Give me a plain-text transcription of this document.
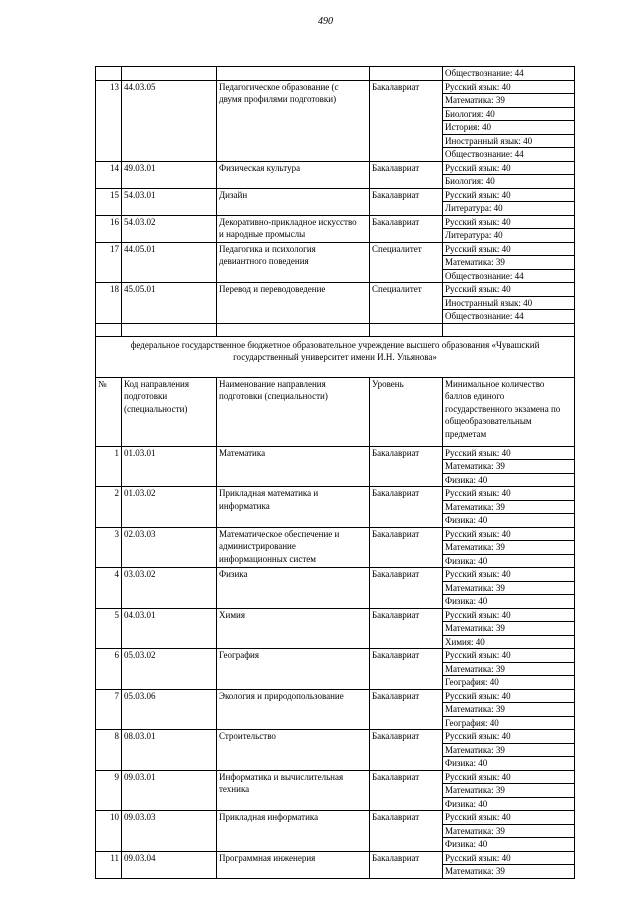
490
				Обществознание: 44
13	44.03.05	Педагогическое образование (с
двумя профилями подготовки)	Бакалавриат	Русский язык: 40
				Математика: 39
				Биология: 40
				История: 40
				Иностранный язык: 40
				Обществознание: 44
14	49.03.01	Физическая культура	Бакалавриат	Русский язык: 40
				Биология: 40
15	54.03.01	Дизайн	Бакалавриат	Русский язык: 40
				Литература: 40
16	54.03.02	Декоративно-прикладное искусство
и народные промыслы	Бакалавриат	Русский язык: 40
				Литература: 40
17	44.05.01	Педагогика и психология
девиантного поведения	Специалитет	Русский язык: 40
				Математика: 39
				Обществознание: 44
18	45.05.01	Перевод и переводоведение	Специалитет	Русский язык: 40
				Иностранный язык: 40
				Обществознание: 44

федеральное государственное бюджетное образовательное учреждение высшего образования «Чувашский государственный университет имени И.Н. Ульянова»				
№	Код направления подготовки (специальности)	Наименование направления подготовки (специальности)	Уровень	Минимальное количество баллов единого государственного экзамена по общеобразовательным предметам
1	01.03.01	Математика	Бакалавриат	Русский язык: 40
				Математика: 39
				Физика: 40
2	01.03.02	Прикладная математика и
информатика	Бакалавриат	Русский язык: 40
				Математика: 39
				Физика: 40
3	02.03.03	Математическое обеспечение и
администрирование
информационных систем	Бакалавриат	Русский язык: 40
				Математика: 39
				Физика: 40
4	03.03.02	Физика	Бакалавриат	Русский язык: 40
				Математика: 39
				Физика: 40
5	04.03.01	Химия	Бакалавриат	Русский язык: 40
				Математика: 39
				Химия: 40
6	05.03.02	География	Бакалавриат	Русский язык: 40
				Математика: 39
				География: 40
7	05.03.06	Экология и природопользование	Бакалавриат	Русский язык: 40
				Математика: 39
				География: 40
8	08.03.01	Строительство	Бакалавриат	Русский язык: 40
				Математика: 39
				Физика: 40
9	09.03.01	Информатика и вычислительная
техника	Бакалавриат	Русский язык: 40
				Математика: 39
				Физика: 40
10	09.03.03	Прикладная информатика	Бакалавриат	Русский язык: 40
				Математика: 39
				Физика: 40
11	09.03.04	Программная инженерия	Бакалавриат	Русский язык: 40
				Математика: 39
